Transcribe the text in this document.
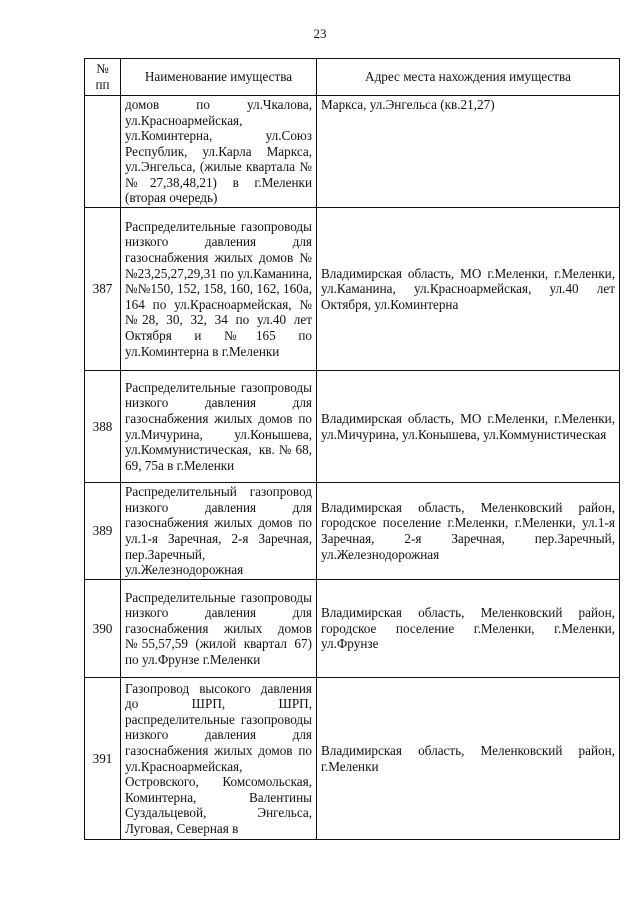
23
№ пп	Наименование имущества	Адрес места нахождения имущества
	домов по ул.Чкалова, ул.Красноармейская, ул.Коминтерна, ул.Союз Республик, ул.Карла Маркса, ул.Энгельса, (жилые квартала №№27,38,48,21) в г.Меленки (вторая очередь)	Маркса, ул.Энгельса (кв.21,27)
387	Распределительные газопроводы низкого давления для газоснабжения жилых домов №№23,25,27,29,31 по ул.Каманина, №№150, 152, 158, 160, 162, 160а, 164 по ул.Красноармейская, №№28, 30, 32, 34 по ул.40 лет Октября и №165 по ул.Коминтерна в г.Меленки	Владимирская область, МО г.Меленки, г.Меленки, ул.Каманина, ул.Красноармейская, ул.40 лет Октября, ул.Коминтерна
388	Распределительные газопроводы низкого давления для газоснабжения жилых домов по ул.Мичурина, ул.Конышева, ул.Коммунистическая, кв.№68, 69, 75а в г.Меленки	Владимирская область, МО г.Меленки, г.Меленки, ул.Мичурина, ул.Конышева, ул.Коммунистическая
389	Распределительный газопровод низкого давления для газоснабжения жилых домов по ул.1-я Заречная, 2-я Заречная, пер.Заречный, ул.Железнодорожная	Владимирская область, Меленковский район, городское поселение г.Меленки, г.Меленки, ул.1-я Заречная, 2-я Заречная, пер.Заречный, ул.Железнодорожная
390	Распределительные газопроводы низкого давления для газоснабжения жилых домов №55,57,59 (жилой квартал 67) по ул.Фрунзе г.Меленки	Владимирская область, Меленковский район, городское поселение г.Меленки, г.Меленки, ул.Фрунзе
391	Газопровод высокого давления до ШРП, ШРП, распределительные газопроводы низкого давления для газоснабжения жилых домов по ул.Красноармейская, Островского, Комсомольская, Коминтерна, Валентины Суздальцевой, Энгельса, Луговая, Северная в	Владимирская область, Меленковский район, г.Меленки
